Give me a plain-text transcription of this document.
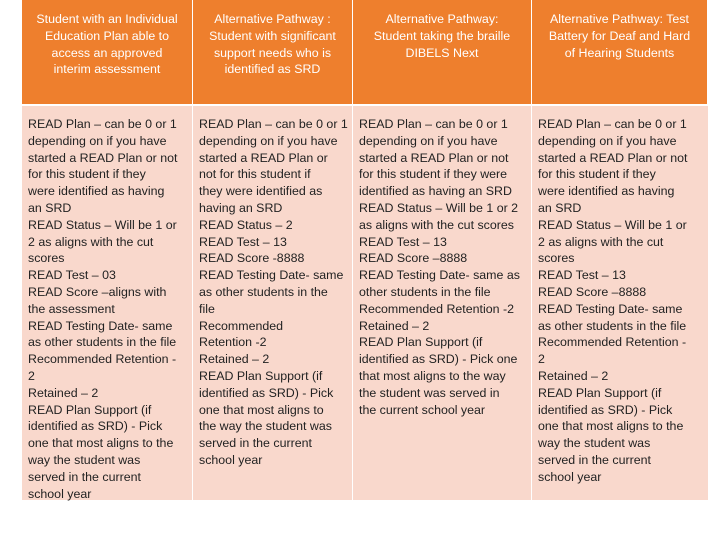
Student with an Individual
Education Plan able to
access an approved
interim assessment
Alternative Pathway :
Student with significant
support needs who is
identified as SRD
Alternative Pathway:
Student taking the braille
DIBELS Next
Alternative Pathway: Test
Battery for Deaf and Hard
of Hearing Students
READ Plan – can be 0 or 1
depending on if you have
started a READ Plan or not
for this student if they
were identified as having
an SRD
READ Status – Will be 1 or
2 as aligns with the cut
scores
READ Test – 03
READ Score –aligns with
the assessment
READ Testing Date- same
as other students in the file
Recommended Retention -
2
Retained – 2
READ Plan Support (if
identified as SRD) - Pick
one that most aligns to the
way the student was
served in the current
school year
READ Plan – can be 0 or 1
depending on if you have
started a READ Plan or
not for this student if
they were identified as
having an SRD
READ Status – 2
READ Test – 13
READ Score -8888
READ Testing Date- same
as other students in the
file
Recommended
Retention -2
Retained – 2
READ Plan Support (if
identified as SRD) - Pick
one that most aligns to
the way the student was
served in the current
school year
READ Plan – can be 0 or 1
depending on if you have
started a READ Plan or not
for this student if they were
identified as having an SRD
READ Status – Will be 1 or 2
as aligns with the cut scores
READ Test – 13
READ Score –8888
READ Testing Date- same as
other students in the file
Recommended Retention -2
Retained – 2
READ Plan Support (if
identified as SRD) - Pick one
that most aligns to the way
the student was served in
the current school year
READ Plan – can be 0 or 1
depending on if you have
started a READ Plan or not
for this student if they
were identified as having
an SRD
READ Status – Will be 1 or
2 as aligns with the cut
scores
READ Test – 13
READ Score –8888
READ Testing Date- same
as other students in the file
Recommended Retention -
2
Retained – 2
READ Plan Support (if
identified as SRD) - Pick
one that most aligns to the
way the student was
served in the current
school year
